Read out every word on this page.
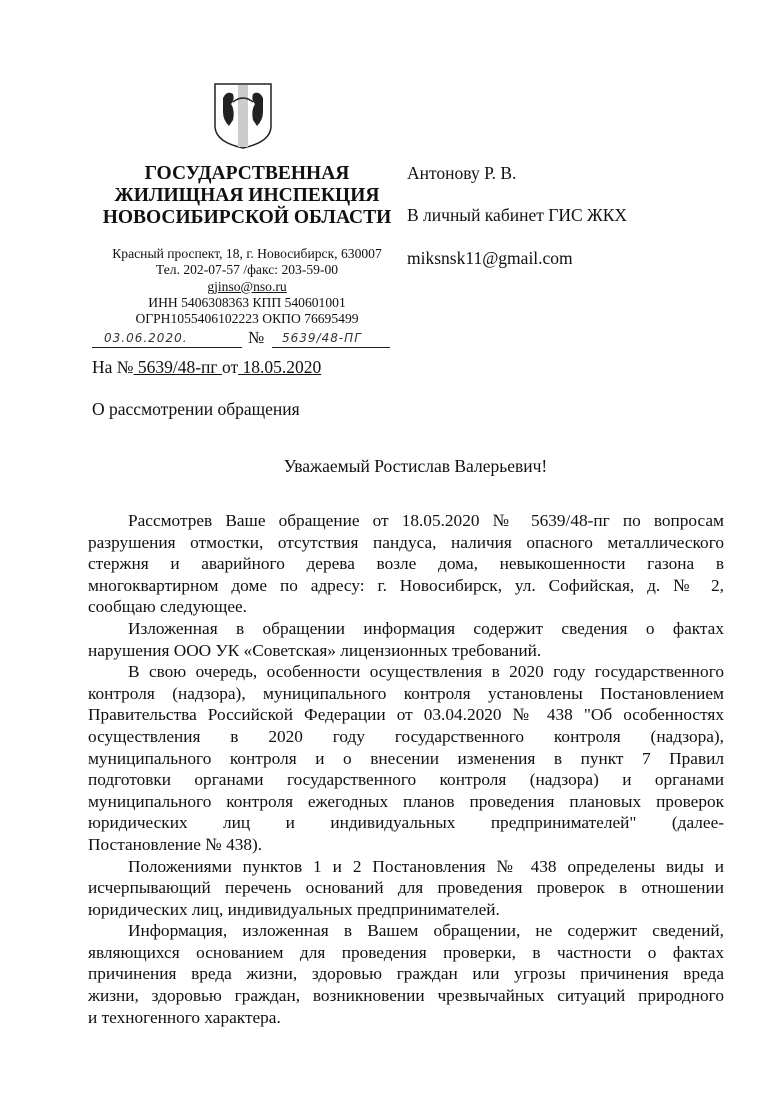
ГОСУДАРСТВЕННАЯ
ЖИЛИЩНАЯ ИНСПЕКЦИЯ
НОВОСИБИРСКОЙ ОБЛАСТИ
Красный проспект, 18, г. Новосибирск, 630007
Тел. 202-07-57 /факс: 203-59-00
gjinso@nso.ru
ИНН 5406308363 КПП 540601001
ОГРН1055406102223 ОКПО 76695499
03.06.2020.	№ 5639/48-ПГ
На № 5639/48-пг от 18.05.2020
О рассмотрении обращения
Антонову Р. В.
В личный кабинет ГИС ЖКХ
miksnsk11@gmail.com
Уважаемый Ростислав Валерьевич!
Рассмотрев Ваше обращение от 18.05.2020 № 5639/48-пг по вопросам
разрушения отмостки, отсутствия пандуса, наличия опасного металлического
стержня и аварийного дерева возле дома, невыкошенности газона в
многоквартирном доме по адресу: г. Новосибирск, ул. Софийская, д. № 2,
сообщаю следующее.
Изложенная в обращении информация содержит сведения о фактах
нарушения ООО УК «Советская» лицензионных требований.
В свою очередь, особенности осуществления в 2020 году государственного
контроля (надзора), муниципального контроля установлены Постановлением
Правительства Российской Федерации от 03.04.2020 № 438 "Об особенностях
осуществления в 2020 году государственного контроля (надзора),
муниципального контроля и о внесении изменения в пункт 7 Правил
подготовки органами государственного контроля (надзора) и органами
муниципального контроля ежегодных планов проведения плановых проверок
юридических лиц и индивидуальных предпринимателей" (далее-
Постановление № 438).
Положениями пунктов 1 и 2 Постановления № 438 определены виды и
исчерпывающий перечень оснований для проведения проверок в отношении
юридических лиц, индивидуальных предпринимателей.
Информация, изложенная в Вашем обращении, не содержит сведений,
являющихся основанием для проведения проверки, в частности о фактах
причинения вреда жизни, здоровью граждан или угрозы причинения вреда
жизни, здоровью граждан, возникновении чрезвычайных ситуаций природного
и техногенного характера.
